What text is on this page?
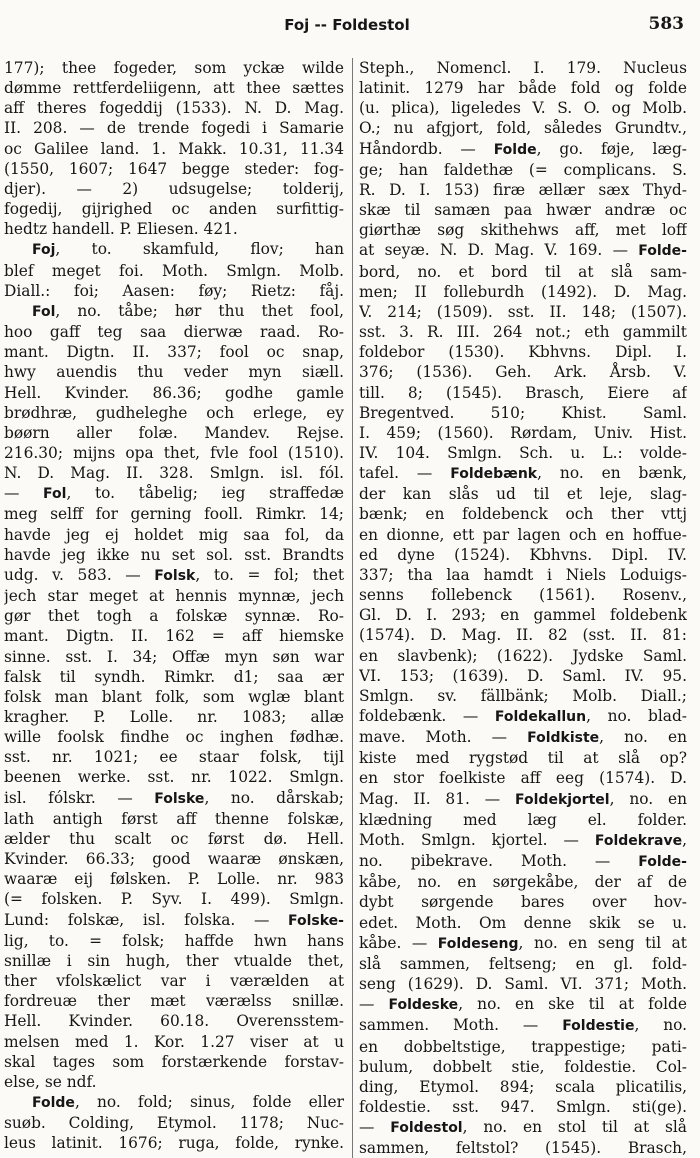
Foj -- Foldestol	583
177); thee fogeder, som yckæ wilde
dømme rettferdeliigenn, att thee sættes
aff theres fogeddij (1533). N. D. Mag.
II. 208. — de trende fogedi i Samarie
oc Galilee land. 1. Makk. 10.31, 11.34
(1550, 1607; 1647 begge steder: fog-
djer). — 2) udsugelse; tolderij,
fogedij, gijrighed oc anden surfittig-
hedtz handell. P. Eliesen. 421.
Foj, to. skamfuld, flov; han
blef meget foi. Moth. Smlgn. Molb.
Diall.: foi; Aasen: føy; Rietz: fåj.
Fol, no. tåbe; hør thu thet fool,
hoo gaff teg saa dierwæ raad. Ro-
mant. Digtn. II. 337; fool oc snap,
hwy auendis thu veder myn siæll.
Hell. Kvinder. 86.36; godhe gamle
brødhræ, gudheleghe och erlege, ey
bøørn aller folæ. Mandev. Rejse.
216.30; mijns opa thet, fvle fool (1510).
N. D. Mag. II. 328. Smlgn. isl. fól.
— Fol, to. tåbelig; ieg straffedæ
meg selff for gerning fooll. Rimkr. 14;
havde jeg ej holdet mig saa fol, da
havde jeg ikke nu set sol. sst. Brandts
udg. v. 583. — Folsk, to. = fol; thet
jech star meget at hennis mynnæ, jech
gør thet togh a folskæ synnæ. Ro-
mant. Digtn. II. 162 = aff hiemske
sinne. sst. I. 34; Offæ myn søn war
falsk til syndh. Rimkr. d1; saa ær
folsk man blant folk, som wglæ blant
kragher. P. Lolle. nr. 1083; allæ
wille foolsk findhe oc inghen fødhæ.
sst. nr. 1021; ee staar folsk, tijl
beenen werke. sst. nr. 1022. Smlgn.
isl. fólskr. — Folske, no. dårskab;
lath antigh først aff thenne folskæ,
ælder thu scalt oc først dø. Hell.
Kvinder. 66.33; good waaræ ønskæn,
waaræ eij følsken. P. Lolle. nr. 983
(= folsken. P. Syv. I. 499). Smlgn.
Lund: folskæ, isl. folska. — Folske-
lig, to. = folsk; haffde hwn hans
snillæ i sin hugh, ther vtualde thet,
ther vfolskælict var i værælden at
fordreuæ ther mæt værælss snillæ.
Hell. Kvinder. 60.18. Overensstem-
melsen med 1. Kor. 1.27 viser at u
skal tages som forstærkende forstav-
else, se ndf.
Folde, no. fold; sinus, folde eller
suøb. Colding, Etymol. 1178; Nuc-
leus latinit. 1676; ruga, folde, rynke.
Steph., Nomencl. I. 179. Nucleus
latinit. 1279 har både fold og folde
(u. plica), ligeledes V. S. O. og Molb.
O.; nu afgjort, fold, således Grundtv.,
Håndordb. — Folde, go. føje, læg-
ge; han faldethæ (= complicans. S.
R. D. I. 153) firæ ællær sæx Thyd-
skæ til samæn paa hwær andræ oc
giørthæ søg skithehws aff, met loff
at seyæ. N. D. Mag. V. 169. — Folde-
bord, no. et bord til at slå sam-
men; II folleburdh (1492). D. Mag.
V. 214; (1509). sst. II. 148; (1507).
sst. 3. R. III. 264 not.; eth gammilt
foldebor (1530). Kbhvns. Dipl. I.
376; (1536). Geh. Ark. Årsb. V.
till. 8; (1545). Brasch, Eiere af
Bregentved. 510; Khist. Saml.
I. 459; (1560). Rørdam, Univ. Hist.
IV. 104. Smlgn. Sch. u. L.: volde-
tafel. — Foldebænk, no. en bænk,
der kan slås ud til et leje, slag-
bænk; en foldebenck och ther vttj
en dionne, ett par lagen och en hoffue-
ed dyne (1524). Kbhvns. Dipl. IV.
337; tha laa hamdt i Niels Loduigs-
senns follebenck (1561). Rosenv.,
Gl. D. I. 293; en gammel foldebenk
(1574). D. Mag. II. 82 (sst. II. 81:
en slavbenk); (1622). Jydske Saml.
VI. 153; (1639). D. Saml. IV. 95.
Smlgn. sv. fällbänk; Molb. Diall.;
foldebænk. — Foldekallun, no. blad-
mave. Moth. — Foldkiste, no. en
kiste med rygstød til at slå op?
en stor foelkiste aff eeg (1574). D.
Mag. II. 81. — Foldekjortel, no. en
klædning med læg el. folder.
Moth. Smlgn. kjortel. — Foldekrave,
no. pibekrave. Moth. — Folde-
kåbe, no. en sørgekåbe, der af de
dybt sørgende bares over hov-
edet. Moth. Om denne skik se u.
kåbe. — Foldeseng, no. en seng til at
slå sammen, feltseng; en gl. fold-
seng (1629). D. Saml. VI. 371; Moth.
— Foldeske, no. en ske til at folde
sammen. Moth. — Foldestie, no.
en dobbeltstige, trappestige; pati-
bulum, dobbelt stie, foldestie. Col-
ding, Etymol. 894; scala plicatilis,
foldestie. sst. 947. Smlgn. sti(ge).
— Foldestol, no. en stol til at slå
sammen, feltstol? (1545). Brasch,
